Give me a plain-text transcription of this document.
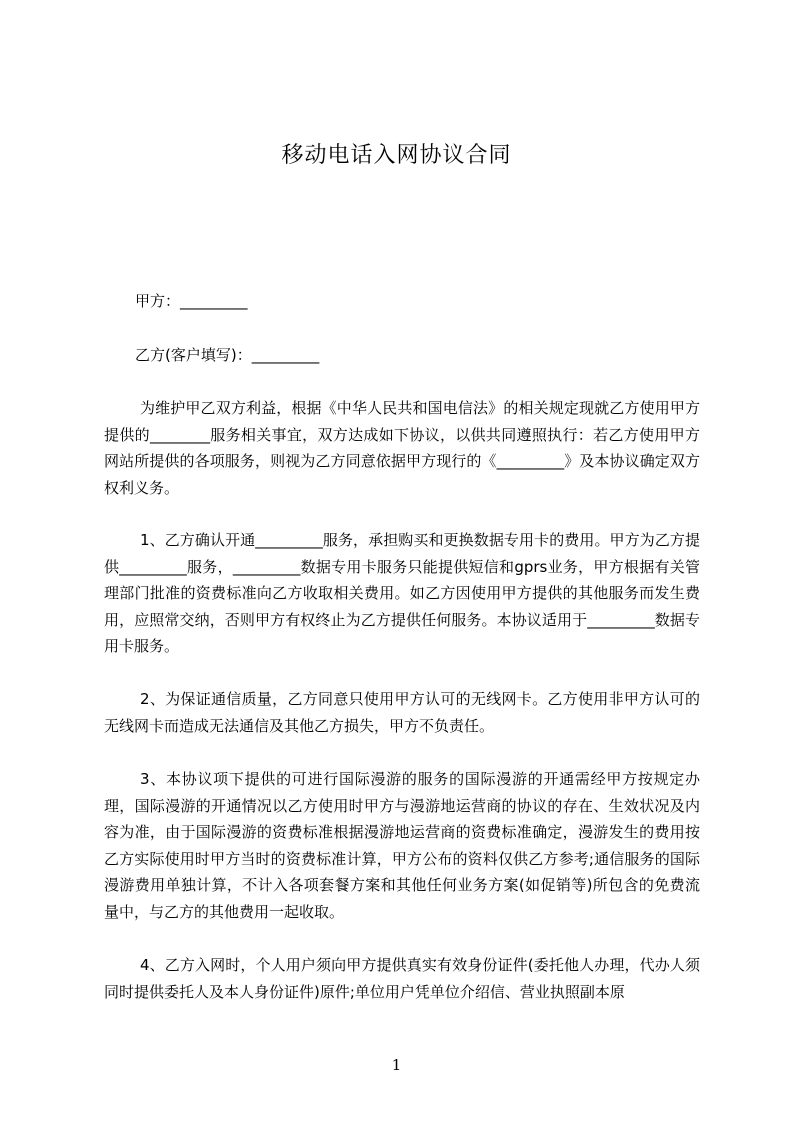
移动电话入网协议合同
甲方：_________
乙方(客户填写)：_________

为维护甲乙双方利益，根据《中华人民共和国电信法》的相关规定现就乙方使用甲方提供的________服务相关事宜，双方达成如下协议，以供共同遵照执行：若乙方使用甲方网站所提供的各项服务，则视为乙方同意依据甲方现行的《_________》及本协议确定双方权利义务。

1、乙方确认开通_________服务，承担购买和更换数据专用卡的费用。甲方为乙方提供_________服务，_________数据专用卡服务只能提供短信和gprs业务，甲方根据有关管理部门批准的资费标准向乙方收取相关费用。如乙方因使用甲方提供的其他服务而发生费用，应照常交纳，否则甲方有权终止为乙方提供任何服务。本协议适用于_________数据专用卡服务。

2、为保证通信质量，乙方同意只使用甲方认可的无线网卡。乙方使用非甲方认可的无线网卡而造成无法通信及其他乙方损失，甲方不负责任。

3、本协议项下提供的可进行国际漫游的服务的国际漫游的开通需经甲方按规定办理，国际漫游的开通情况以乙方使用时甲方与漫游地运营商的协议的存在、生效状况及内容为准，由于国际漫游的资费标准根据漫游地运营商的资费标准确定，漫游发生的费用按乙方实际使用时甲方当时的资费标准计算，甲方公布的资料仅供乙方参考;通信服务的国际漫游费用单独计算，不计入各项套餐方案和其他任何业务方案(如促销等)所包含的免费流量中，与乙方的其他费用一起收取。

4、乙方入网时，个人用户须向甲方提供真实有效身份证件(委托他人办理，代办人须同时提供委托人及本人身份证件)原件;单位用户凭单位介绍信、营业执照副本原

1
